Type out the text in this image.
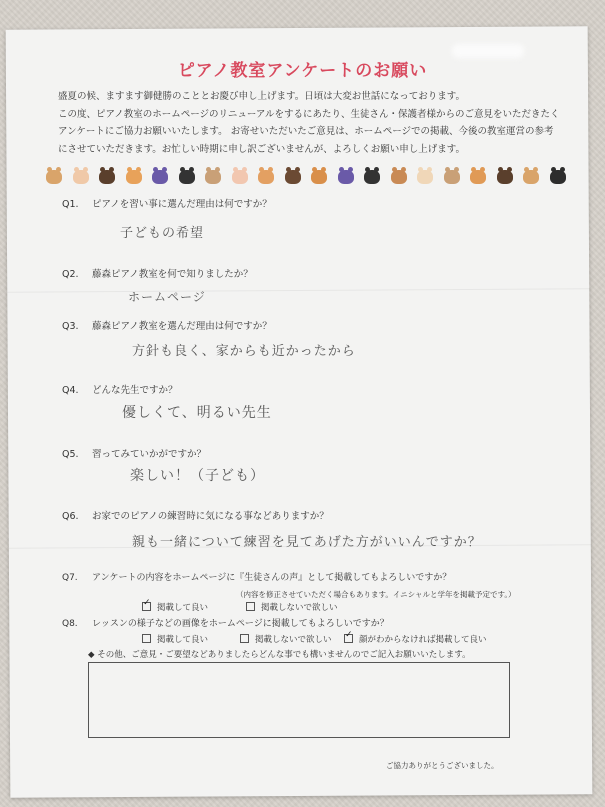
ピアノ教室アンケートのお願い
盛夏の候、ますます御健勝のこととお慶び申し上げます。日頃は大変お世話になっております。
この度、ピアノ教室のホームページのリニューアルをするにあたり、生徒さん・保護者様からのご意見をいただきたく
アンケートにご協力お願いいたします。 お寄せいただいたご意見は、ホームページでの掲載、今後の教室運営の参考
にさせていただきます。お忙しい時期に申し訳ございませんが、よろしくお願い申し上げます。
Q1. ピアノを習い事に選んだ理由は何ですか？
子どもの希望
Q2. 藤森ピアノ教室を何で知りましたか？
ホームページ
Q3. 藤森ピアノ教室を選んだ理由は何ですか？
方針も良く、家からも近かったから
Q4. どんな先生ですか？
優しくて、明るい先生
Q5. 習ってみていかがですか？
楽しい！（子ども）
Q6. お家でのピアノの練習時に気になる事などありますか？
親も一緒について練習を見てあげた方がいいんですか？
Q7. アンケートの内容をホームページに『生徒さんの声』として掲載してもよろしいですか？
（内容を修正させていただく場合もあります。イニシャルと学年を掲載予定です。）
✓掲載して良い	掲載しないで欲しい
Q8. レッスンの様子などの画像をホームページに掲載してもよろしいですか？
掲載して良い	掲載しないで欲しい
✓	顔がわからなければ掲載して良い
◆ その他、ご意見・ご要望などありましたらどんな事でも構いませんのでご記入お願いいたします。
ご協力ありがとうございました。
